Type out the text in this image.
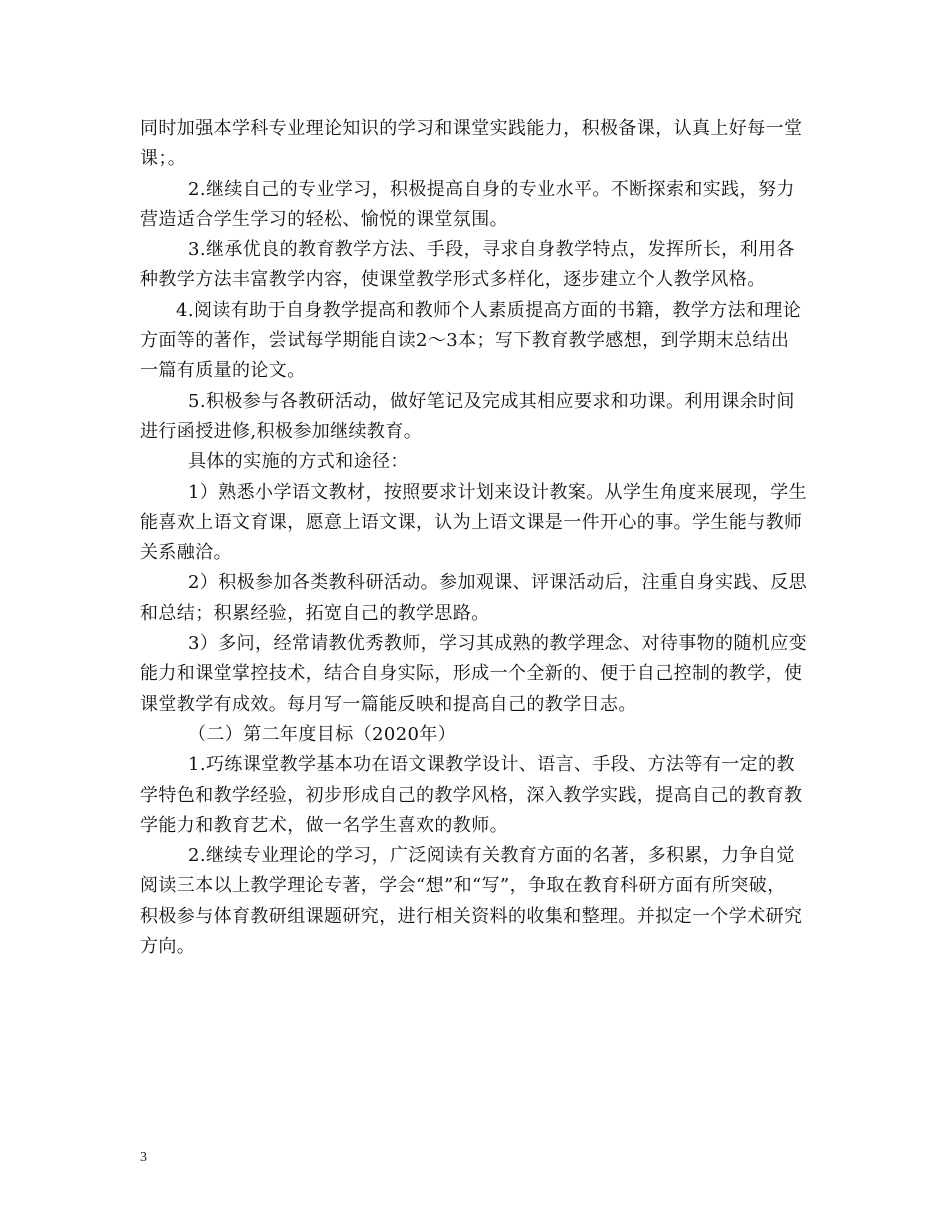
同时加强本学科专业理论知识的学习和课堂实践能力，积极备课，认真上好每一堂
课；。

2.继续自己的专业学习，积极提高自身的专业水平。不断探索和实践，努力
营造适合学生学习的轻松、愉悦的课堂氛围。

3.继承优良的教育教学方法、手段，寻求自身教学特点，发挥所长，利用各
种教学方法丰富教学内容，使课堂教学形式多样化，逐步建立个人教学风格。

4.阅读有助于自身教学提高和教师个人素质提高方面的书籍，教学方法和理论
方面等的著作，尝试每学期能自读2～3本；写下教育教学感想，到学期末总结出
一篇有质量的论文。

5.积极参与各教研活动，做好笔记及完成其相应要求和功课。利用课余时间
进行函授进修,积极参加继续教育。

具体的实施的方式和途径：

1）熟悉小学语文教材，按照要求计划来设计教案。从学生角度来展现，学生
能喜欢上语文育课，愿意上语文课，认为上语文课是一件开心的事。学生能与教师
关系融洽。

2）积极参加各类教科研活动。参加观课、评课活动后，注重自身实践、反思
和总结；积累经验，拓宽自己的教学思路。

3）多问，经常请教优秀教师，学习其成熟的教学理念、对待事物的随机应变
能力和课堂掌控技术，结合自身实际，形成一个全新的、便于自己控制的教学，使
课堂教学有成效。每月写一篇能反映和提高自己的教学日志。

（二）第二年度目标（2020年）

1.巧练课堂教学基本功在语文课教学设计、语言、手段、方法等有一定的教
学特色和教学经验，初步形成自己的教学风格，深入教学实践，提高自己的教育教
学能力和教育艺术，做一名学生喜欢的教师。

2.继续专业理论的学习，广泛阅读有关教育方面的名著，多积累，力争自觉
阅读三本以上教学理论专著，学会“想”和“写”，争取在教育科研方面有所突破，
积极参与体育教研组课题研究，进行相关资料的收集和整理。并拟定一个学术研究
方向。

3
